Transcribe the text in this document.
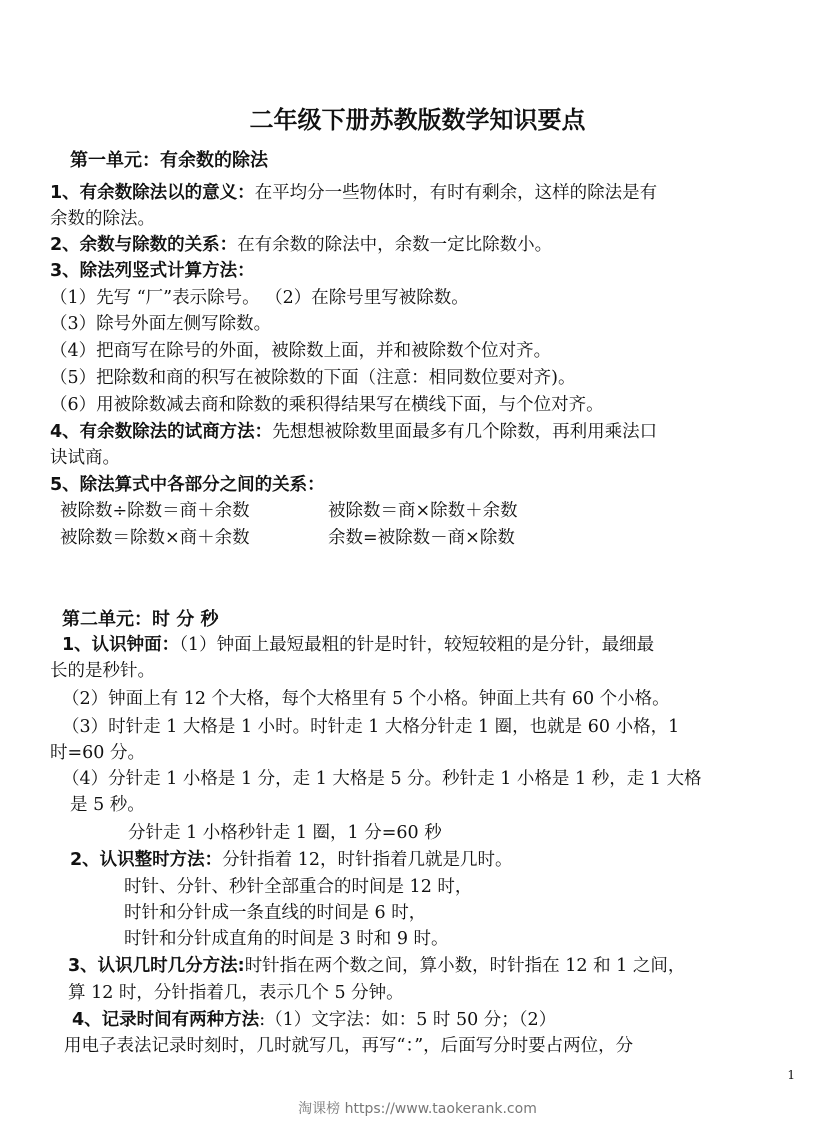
二年级下册苏教版数学知识要点
第一单元：有余数的除法
1、有余数除法以的意义：在平均分一些物体时，有时有剩余，这样的除法是有
余数的除法。
2、余数与除数的关系：在有余数的除法中，余数一定比除数小。
3、除法列竖式计算方法：
（1）先写 “厂”表示除号。 （2）在除号里写被除数。
（3）除号外面左侧写除数。
（4）把商写在除号的外面，被除数上面，并和被除数个位对齐。
（5）把除数和商的积写在被除数的下面（注意：相同数位要对齐)。
（6）用被除数减去商和除数的乘积得结果写在横线下面，与个位对齐。
4、有余数除法的试商方法：先想想被除数里面最多有几个除数，再利用乘法口
诀试商。
5、除法算式中各部分之间的关系：
被除数÷除数＝商＋余数	被除数＝商×除数＋余数
被除数＝除数×商＋余数	余数=被除数－商×除数
第二单元：时 分 秒
1、认识钟面：（1）钟面上最短最粗的针是时针，较短较粗的是分针，最细最
长的是秒针。
（2）钟面上有 12 个大格，每个大格里有 5 个小格。钟面上共有 60 个小格。
（3）时针走 1 大格是 1 小时。时针走 1 大格分针走 1 圈，也就是 60 小格，1
时=60 分。
（4）分针走 1 小格是 1 分，走 1 大格是 5 分。秒针走 1 小格是 1 秒，走 1 大格
是 5 秒。
分针走 1 小格秒针走 1 圈，1 分=60 秒
2、认识整时方法：分针指着 12，时针指着几就是几时。
时针、分针、秒针全部重合的时间是 12 时，
时针和分针成一条直线的时间是 6 时，
时针和分针成直角的时间是 3 时和 9 时。
3、认识几时几分方法:时针指在两个数之间，算小数，时针指在 12 和 1 之间，
算 12 时，分针指着几，表示几个 5 分钟。
4、记录时间有两种方法:（1）文字法：如：5 时 50 分；（2）
用电子表法记录时刻时，几时就写几，再写“：”，后面写分时要占两位，分
1
淘课榜 https://www.taokerank.com
